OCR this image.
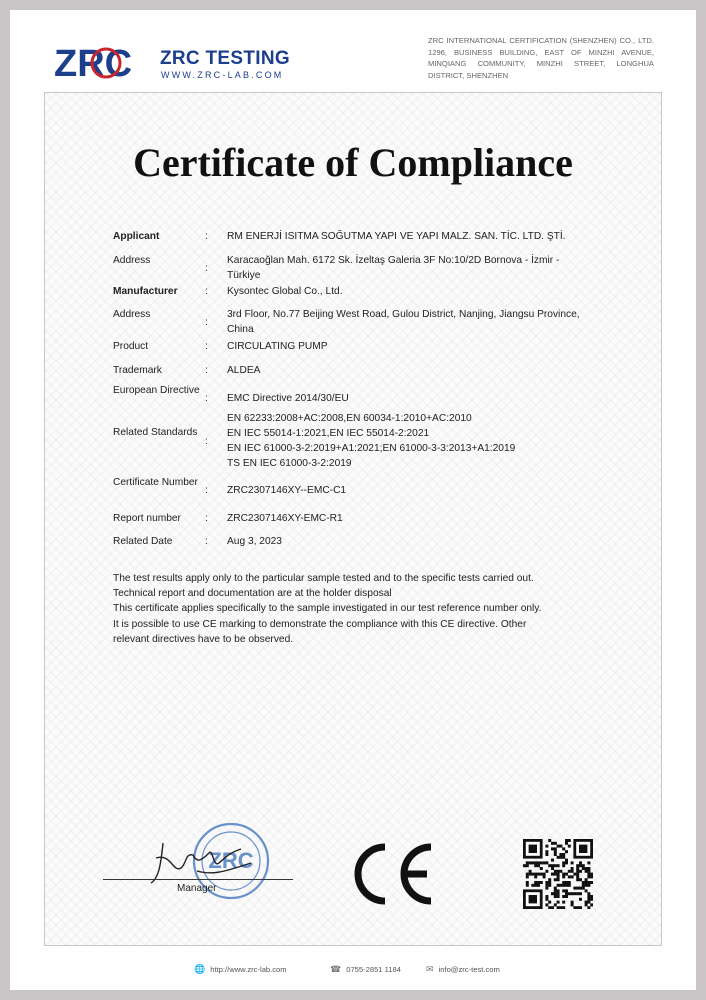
ZRC ZRC TESTING
WWW.ZRC-LAB.COM
ZRC INTERNATIONAL CERTIFICATION (SHENZHEN) CO., LTD. 1296, BUSINESS BUILDING, EAST OF MINZHI AVENUE, MINQIANG COMMUNITY, MINZHI STREET, LONGHUA DISTRICT, SHENZHEN
Certificate of Compliance
Applicant	: RM ENERJİ ISITMA SOĞUTMA YAPI VE YAPI MALZ. SAN. TİC. LTD. ŞTİ.
Address
:
Karacaoğlan Mah. 6172 Sk. İzeltaş Galeria 3F No:10/2D Bornova - İzmir -
Türkiye
Manufacturer	: Kysontec Global Co., Ltd.
Address
:
3rd Floor, No.77 Beijing West Road, Gulou District, Nanjing, Jiangsu Province,
China
Product	: CIRCULATING PUMP
Trademark	: ALDEA
European Directive
: EMC Directive 2014/30/EU
Related Standards
:
EN 62233:2008+AC:2008,EN 60034-1:2010+AC:2010
EN IEC 55014-1:2021,EN IEC 55014-2:2021
EN IEC 61000-3-2:2019+A1:2021;EN 61000-3-3:2013+A1:2019
TS EN IEC 61000-3-2:2019
Certificate Number
: ZRC2307146XY--EMC-C1
Report number	: ZRC2307146XY-EMC-R1
Related Date	: Aug 3, 2023

The test results apply only to the particular sample tested and to the specific tests carried out.

Technical report and documentation are at the holder disposal

This certificate applies specifically to the sample investigated in our test reference number only.

It is possible to use CE marking to demonstrate the compliance with this CE directive. Other

relevant directives have to be observed.

ZRC
Manager
🌐 http://www.zrc-lab.com	☎ 0755-2851 1184	✉ info@zrc-test.com
